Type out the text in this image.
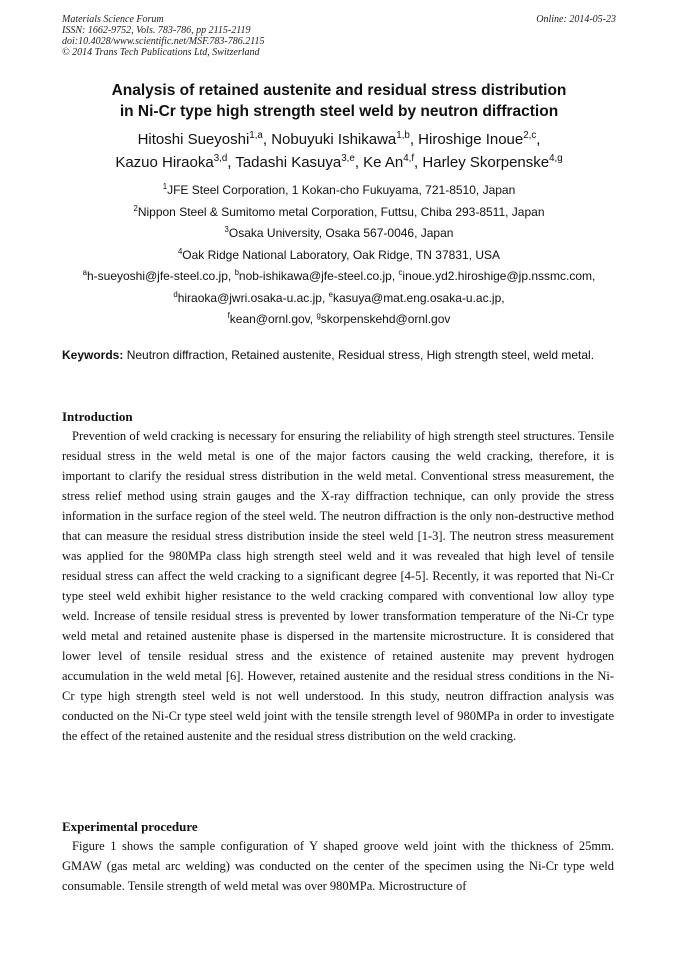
Materials Science Forum
ISSN: 1662-9752, Vols. 783-786, pp 2115-2119
doi:10.4028/www.scientific.net/MSF.783-786.2115
© 2014 Trans Tech Publications Ltd, Switzerland
Online: 2014-05-23
Analysis of retained austenite and residual stress distribution
in Ni-Cr type high strength steel weld by neutron diffraction
Hitoshi Sueyoshi$^{1,a}$, Nobuyuki Ishikawa$^{1,b}$, Hiroshige Inoue$^{2,c}$,
Kazuo Hiraoka$^{3,d}$, Tadashi Kasuya$^{3,e}$, Ke An$^{4,f}$, Harley Skorpenske$^{4,g}$
$^1$JFE Steel Corporation, 1 Kokan-cho Fukuyama, 721-8510, Japan
$^2$Nippon Steel & Sumitomo metal Corporation, Futtsu, Chiba 293-8511, Japan
$^3$Osaka University, Osaka 567-0046, Japan
$^4$Oak Ridge National Laboratory, Oak Ridge, TN 37831, USA
$^a$h-sueyoshi@jfe-steel.co.jp, $^b$nob-ishikawa@jfe-steel.co.jp, $^c$inoue.yd2.hiroshige@jp.nssmc.com,
$^d$hiraoka@jwri.osaka-u.ac.jp, $^e$kasuya@mat.eng.osaka-u.ac.jp,
$^f$kean@ornl.gov, $^g$skorpenskehd@ornl.gov
Keywords: Neutron diffraction, Retained austenite, Residual stress, High strength steel, weld metal.
Introduction

Prevention of weld cracking is necessary for ensuring the reliability of high strength steel structures. Tensile residual stress in the weld metal is one of the major factors causing the weld cracking, therefore, it is important to clarify the residual stress distribution in the weld metal. Conventional stress measurement, the stress relief method using strain gauges and the X-ray diffraction technique, can only provide the stress information in the surface region of the steel weld. The neutron diffraction is the only non-destructive method that can measure the residual stress distribution inside the steel weld [1-3]. The neutron stress measurement was applied for the 980MPa class high strength steel weld and it was revealed that high level of tensile residual stress can affect the weld cracking to a significant degree [4-5]. Recently, it was reported that Ni-Cr type steel weld exhibit higher resistance to the weld cracking compared with conventional low alloy type weld. Increase of tensile residual stress is prevented by lower transformation temperature of the Ni-Cr type weld metal and retained austenite phase is dispersed in the martensite microstructure. It is considered that lower level of tensile residual stress and the existence of retained austenite may prevent hydrogen accumulation in the weld metal [6]. However, retained austenite and the residual stress conditions in the Ni-Cr type high strength steel weld is not well understood. In this study, neutron diffraction analysis was conducted on the Ni-Cr type steel weld joint with the tensile strength level of 980MPa in order to investigate the effect of the retained austenite and the residual stress distribution on the weld cracking.

Experimental procedure

Figure 1 shows the sample configuration of Y shaped groove weld joint with the thickness of 25mm. GMAW (gas metal arc welding) was conducted on the center of the specimen using the Ni-Cr type weld consumable. Tensile strength of weld metal was over 980MPa. Microstructure of
